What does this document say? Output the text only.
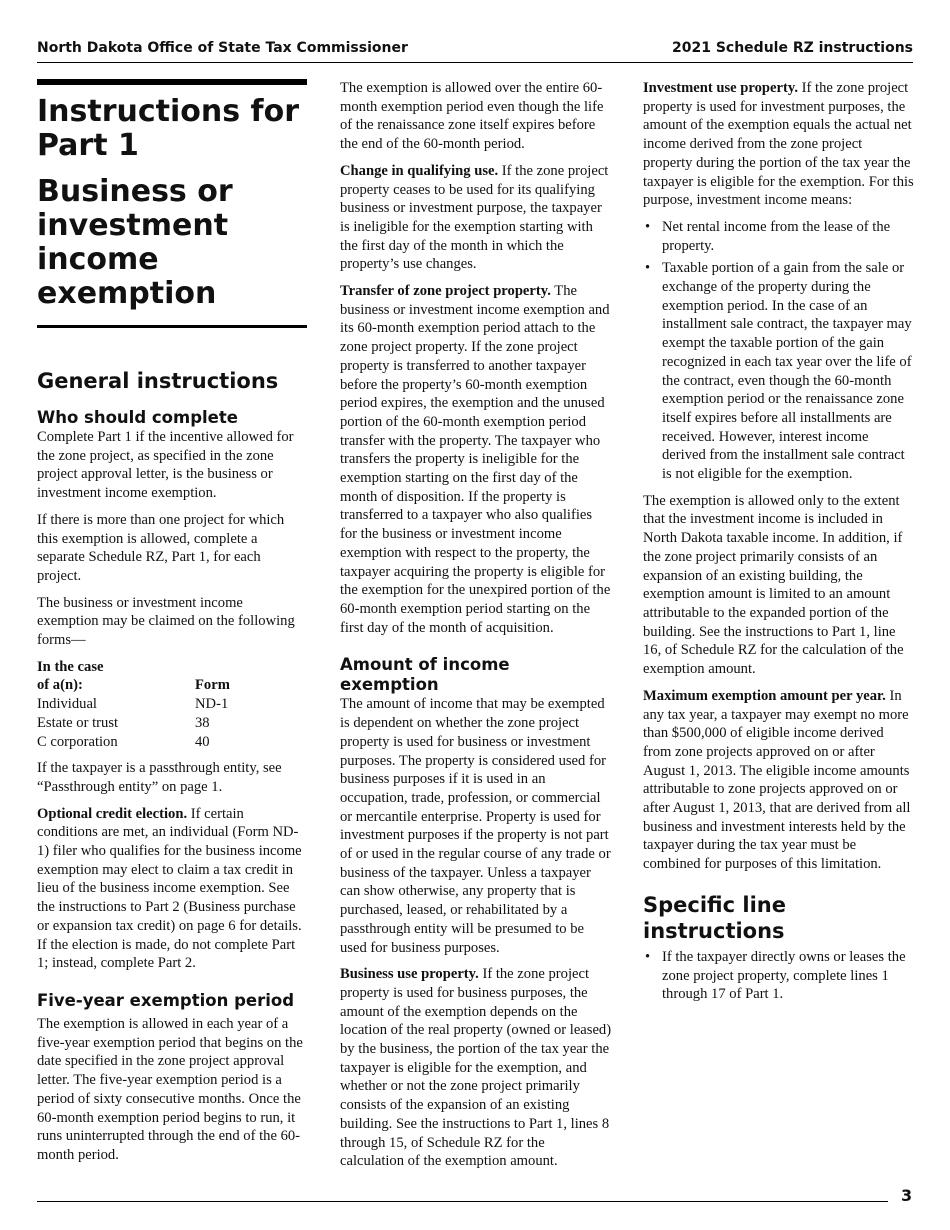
North Dakota Office of State Tax Commissioner	2021 Schedule RZ instructions
Instructions for Part 1
Business or investment income exemption
General instructions
Who should complete

Complete Part 1 if the incentive allowed for the zone project, as specified in the zone project approval letter, is the business or investment income exemption.

If there is more than one project for which this exemption is allowed, complete a separate Schedule RZ, Part 1, for each project.

The business or investment income exemption may be claimed on the following forms—

In the case
of a(n):	Form
Individual	ND-1
Estate or trust	38
C corporation	40

If the taxpayer is a passthrough entity, see “Passthrough entity” on page 1.

Optional credit election. If certain conditions are met, an individual (Form ND-1) filer who qualifies for the business income exemption may elect to claim a tax credit in lieu of the business income exemption. See the instructions to Part 2 (Business purchase or expansion tax credit) on page 6 for details. If the election is made, do not complete Part 1; instead, complete Part 2.

Five-year exemption period

The exemption is allowed in each year of a five-year exemption period that begins on the date specified in the zone project approval letter. The five-year exemption period is a period of sixty consecutive months. Once the 60-month exemption period begins to run, it runs uninterrupted through the end of the 60-month period.

The exemption is allowed over the entire 60-month exemption period even though the life of the renaissance zone itself expires before the end of the 60-month period.

Change in qualifying use. If the zone project property ceases to be used for its qualifying business or investment purpose, the taxpayer is ineligible for the exemption starting with the first day of the month in which the property’s use changes.

Transfer of zone project property. The business or investment income exemption and its 60-month exemption period attach to the zone project property. If the zone project property is transferred to another taxpayer before the property’s 60-month exemption period expires, the exemption and the unused portion of the 60-month exemption period transfer with the property. The taxpayer who transfers the property is ineligible for the exemption starting on the first day of the month of disposition. If the property is transferred to a taxpayer who also qualifies for the business or investment income exemption with respect to the property, the taxpayer acquiring the property is eligible for the exemption for the unexpired portion of the 60-month exemption period starting on the first day of the month of acquisition.

Amount of income exemption

The amount of income that may be exempted is dependent on whether the zone project property is used for business or investment purposes. The property is considered used for business purposes if it is used in an occupation, trade, profession, or commercial or mercantile enterprise. Property is used for investment purposes if the property is not part of or used in the regular course of any trade or business of the taxpayer. Unless a taxpayer can show otherwise, any property that is purchased, leased, or rehabilitated by a passthrough entity will be presumed to be used for business purposes.

Business use property. If the zone project property is used for business purposes, the amount of the exemption depends on the location of the real property (owned or leased) by the business, the portion of the tax year the taxpayer is eligible for the exemption, and whether or not the zone project primarily consists of the expansion of an existing building. See the instructions to Part 1, lines 8 through 15, of Schedule RZ for the calculation of the exemption amount.

Investment use property. If the zone project property is used for investment purposes, the amount of the exemption equals the actual net income derived from the zone project property during the portion of the tax year the taxpayer is eligible for the exemption. For this purpose, investment income means:

• Net rental income from the lease of the property.
• Taxable portion of a gain from the sale or exchange of the property during the exemption period. In the case of an installment sale contract, the taxpayer may exempt the taxable portion of the gain recognized in each tax year over the life of the contract, even though the 60-month exemption period or the renaissance zone itself expires before all installments are received. However, interest income derived from the installment sale contract is not eligible for the exemption.

The exemption is allowed only to the extent that the investment income is included in North Dakota taxable income. In addition, if the zone project primarily consists of an expansion of an existing building, the exemption amount is limited to an amount attributable to the expanded portion of the building. See the instructions to Part 1, line 16, of Schedule RZ for the calculation of the exemption amount.

Maximum exemption amount per year. In any tax year, a taxpayer may exempt no more than $500,000 of eligible income derived from zone projects approved on or after August 1, 2013. The eligible income amounts attributable to zone projects approved on or after August 1, 2013, that are derived from all business and investment interests held by the taxpayer during the tax year must be combined for purposes of this limitation.

Specific line instructions
• If the taxpayer directly owns or leases the zone project property, complete lines 1 through 17 of Part 1.
3
